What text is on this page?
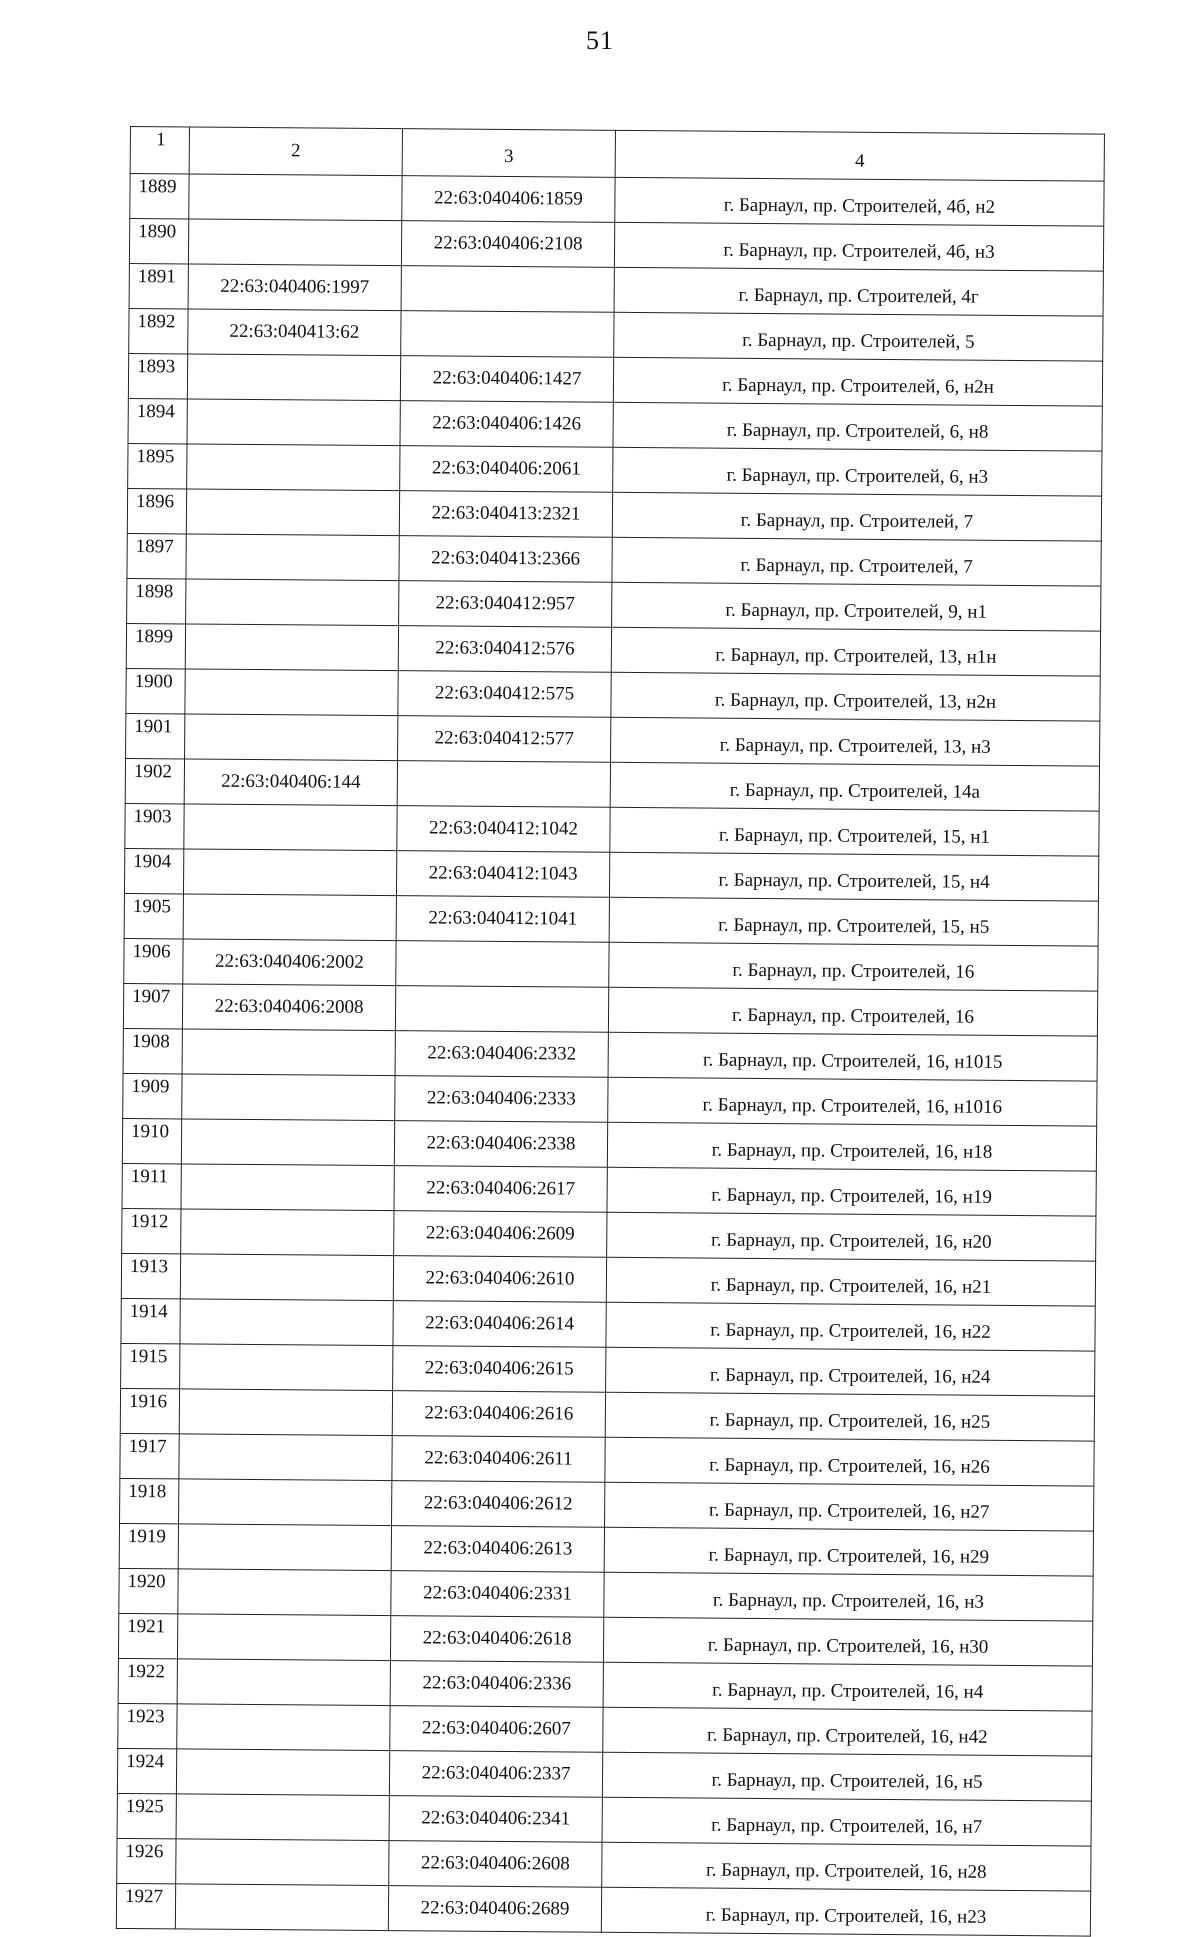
51
1	2	3	4
1889		22:63:040406:1859	г. Барнаул, пр. Строителей, 4б, н2
1890		22:63:040406:2108	г. Барнаул, пр. Строителей, 4б, н3
1891	22:63:040406:1997		г. Барнаул, пр. Строителей, 4г
1892	22:63:040413:62		г. Барнаул, пр. Строителей, 5
1893		22:63:040406:1427	г. Барнаул, пр. Строителей, 6, н2н
1894		22:63:040406:1426	г. Барнаул, пр. Строителей, 6, н8
1895		22:63:040406:2061	г. Барнаул, пр. Строителей, 6, н3
1896		22:63:040413:2321	г. Барнаул, пр. Строителей, 7
1897		22:63:040413:2366	г. Барнаул, пр. Строителей, 7
1898		22:63:040412:957	г. Барнаул, пр. Строителей, 9, н1
1899		22:63:040412:576	г. Барнаул, пр. Строителей, 13, н1н
1900		22:63:040412:575	г. Барнаул, пр. Строителей, 13, н2н
1901		22:63:040412:577	г. Барнаул, пр. Строителей, 13, н3
1902	22:63:040406:144		г. Барнаул, пр. Строителей, 14а
1903		22:63:040412:1042	г. Барнаул, пр. Строителей, 15, н1
1904		22:63:040412:1043	г. Барнаул, пр. Строителей, 15, н4
1905		22:63:040412:1041	г. Барнаул, пр. Строителей, 15, н5
1906	22:63:040406:2002		г. Барнаул, пр. Строителей, 16
1907	22:63:040406:2008		г. Барнаул, пр. Строителей, 16
1908		22:63:040406:2332	г. Барнаул, пр. Строителей, 16, н1015
1909		22:63:040406:2333	г. Барнаул, пр. Строителей, 16, н1016
1910		22:63:040406:2338	г. Барнаул, пр. Строителей, 16, н18
1911		22:63:040406:2617	г. Барнаул, пр. Строителей, 16, н19
1912		22:63:040406:2609	г. Барнаул, пр. Строителей, 16, н20
1913		22:63:040406:2610	г. Барнаул, пр. Строителей, 16, н21
1914		22:63:040406:2614	г. Барнаул, пр. Строителей, 16, н22
1915		22:63:040406:2615	г. Барнаул, пр. Строителей, 16, н24
1916		22:63:040406:2616	г. Барнаул, пр. Строителей, 16, н25
1917		22:63:040406:2611	г. Барнаул, пр. Строителей, 16, н26
1918		22:63:040406:2612	г. Барнаул, пр. Строителей, 16, н27
1919		22:63:040406:2613	г. Барнаул, пр. Строителей, 16, н29
1920		22:63:040406:2331	г. Барнаул, пр. Строителей, 16, н3
1921		22:63:040406:2618	г. Барнаул, пр. Строителей, 16, н30
1922		22:63:040406:2336	г. Барнаул, пр. Строителей, 16, н4
1923		22:63:040406:2607	г. Барнаул, пр. Строителей, 16, н42
1924		22:63:040406:2337	г. Барнаул, пр. Строителей, 16, н5
1925		22:63:040406:2341	г. Барнаул, пр. Строителей, 16, н7
1926		22:63:040406:2608	г. Барнаул, пр. Строителей, 16, н28
1927		22:63:040406:2689	г. Барнаул, пр. Строителей, 16, н23
